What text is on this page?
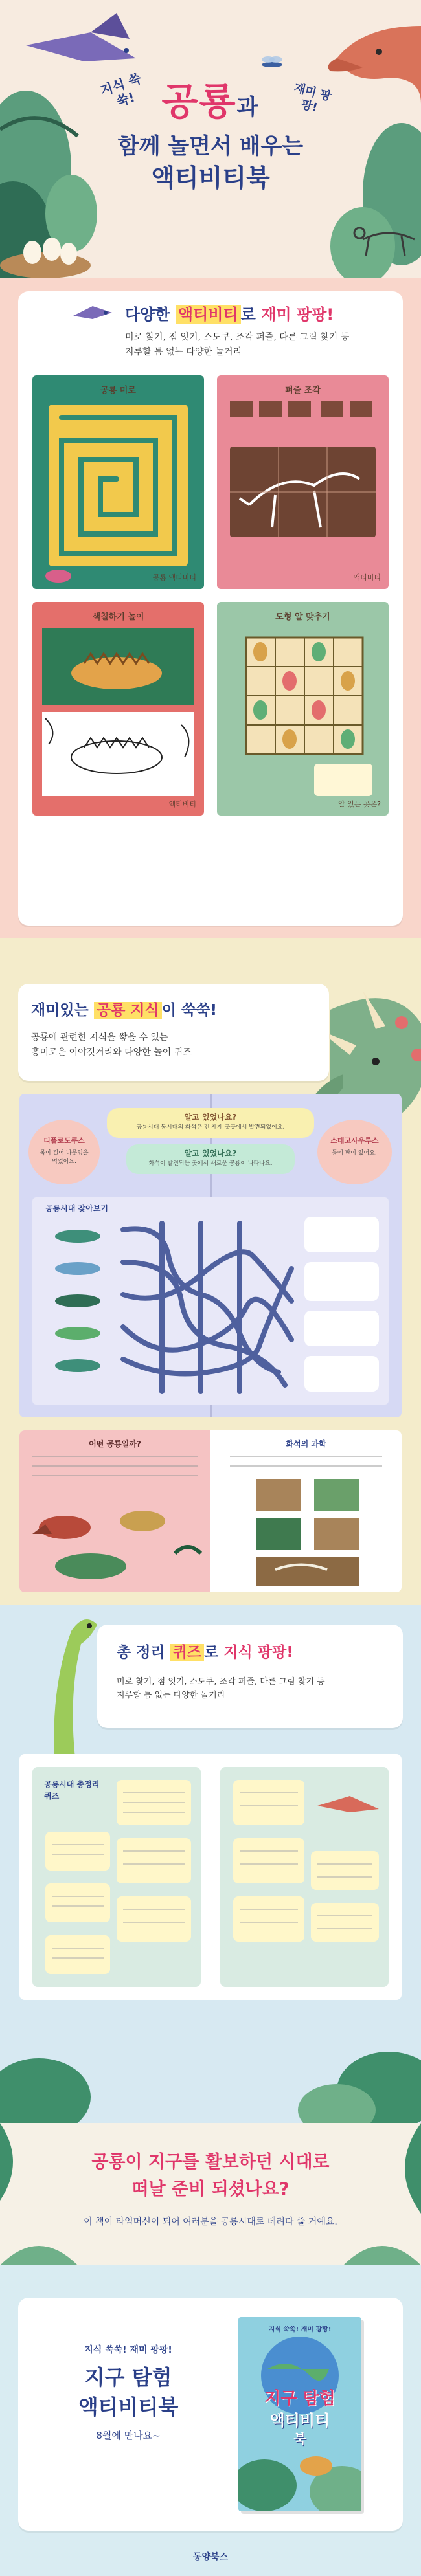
지식 쑥쑥!	재미 팡팡!
공룡과
함께 놀면서 배우는
액티비티북
다양한 액티비티 로 재미 팡팡!
미로 찾기, 점 잇기, 스도쿠, 조각 퍼즐, 다른 그림 찾기 등
지루할 틈 없는 다양한 놀거리
공룡 미로
공룡 액티비티
퍼즐 조각
액티비티
색칠하기 놀이
액티비티
도형 알 맞추기
알 있는 곳은?
재미있는 공룡 지식 이 쑥쑥!
공룡에 관련한 지식을 쌓을 수 있는
흥미로운 이야깃거리와 다양한 놀이 퀴즈
알고 있었나요?
공룡시대 동시대의 화석은 전 세계 곳곳에서 발견되었어요.
알고 있었나요?
화석이 발견되는 곳에서 새로운 공룡이 나타나요.
디플로도쿠스
목이 길어 나뭇잎을 먹었어요.
스테고사우루스
등에 판이 있어요.
공룡시대 찾아보기
어떤 공룡일까?	화석의 과학
총 정리 퀴즈 로 지식 팡팡!
미로 찾기, 점 잇기, 스도쿠, 조각 퍼즐, 다른 그림 찾기 등
지루할 틈 없는 다양한 놀거리
공룡시대 총정리 퀴즈
공룡이 지구를 활보하던 시대로
떠날 준비 되셨나요?
이 책이 타임머신이 되어 여러분을 공룡시대로 데려다 줄 거예요.
지식 쑥쑥! 재미 팡팡!
지구 탐험
액티비티북
8월에 만나요~
지식 쑥쑥! 재미 팡팡!
지구 탐험
액티비티
북
동양북스
